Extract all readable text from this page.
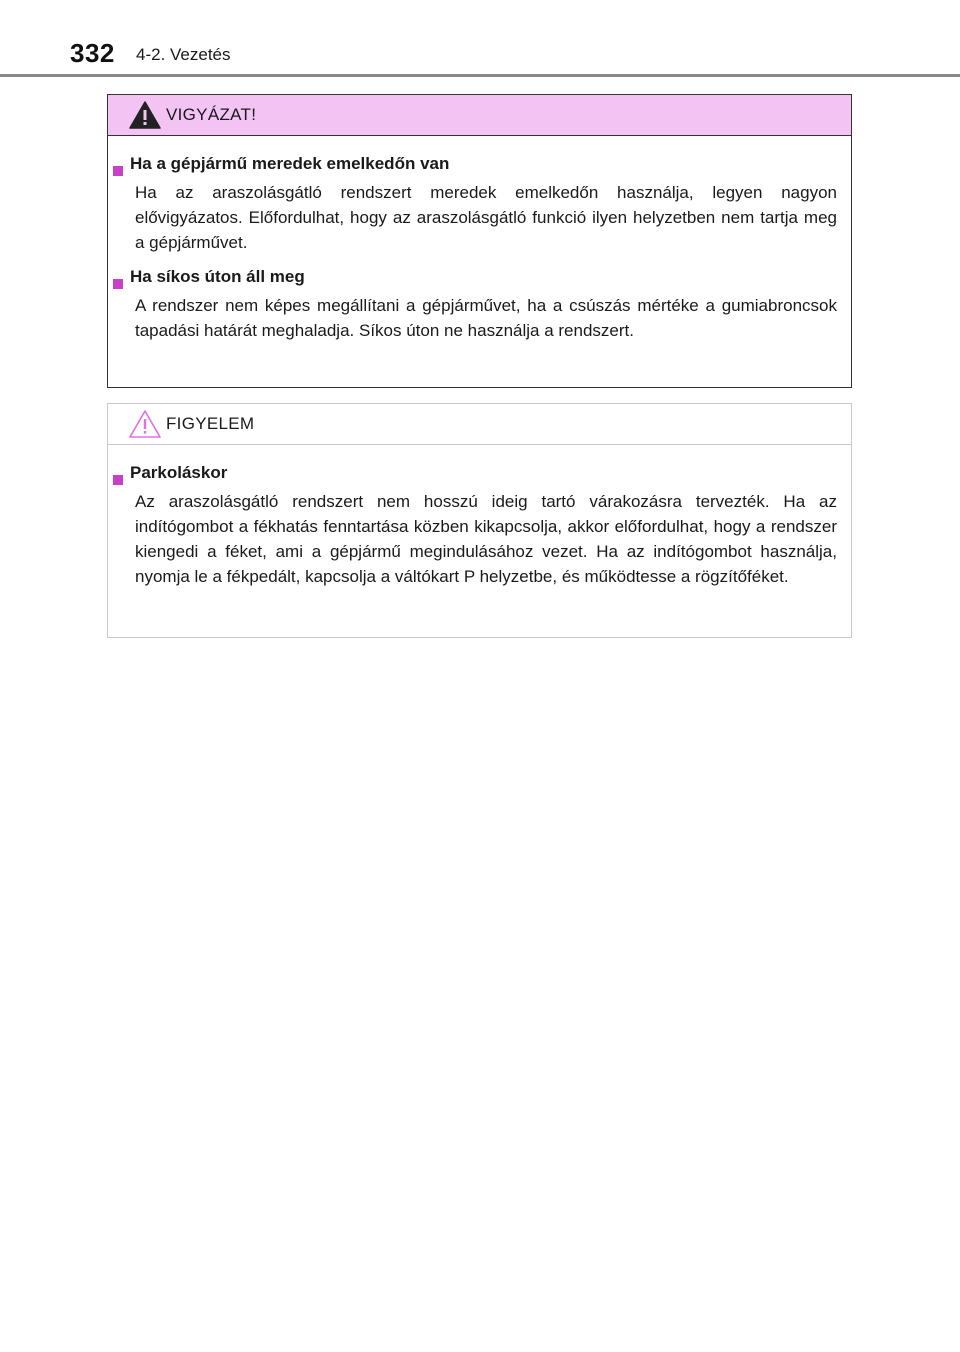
332 4-2. Vezetés
VIGYÁZAT!
Ha a gépjármű meredek emelkedőn van
Ha az araszolásgátló rendszert meredek emelkedőn használja, legyen nagyon elővigyázatos. Előfordulhat, hogy az araszolásgátló funkció ilyen helyzetben nem tartja meg a gépjárművet.
Ha síkos úton áll meg
A rendszer nem képes megállítani a gépjárművet, ha a csúszás mértéke a gumiabroncsok tapadási határát meghaladja. Síkos úton ne használja a rendszert.
FIGYELEM
Parkoláskor
Az araszolásgátló rendszert nem hosszú ideig tartó várakozásra tervezték. Ha az indítógombot a fékhatás fenntartása közben kikapcsolja, akkor előfordulhat, hogy a rendszer kiengedi a féket, ami a gépjármű megindulásához vezet. Ha az indítógombot használja, nyomja le a fékpedált, kapcsolja a váltókart P helyzetbe, és működtesse a rögzítőféket.
